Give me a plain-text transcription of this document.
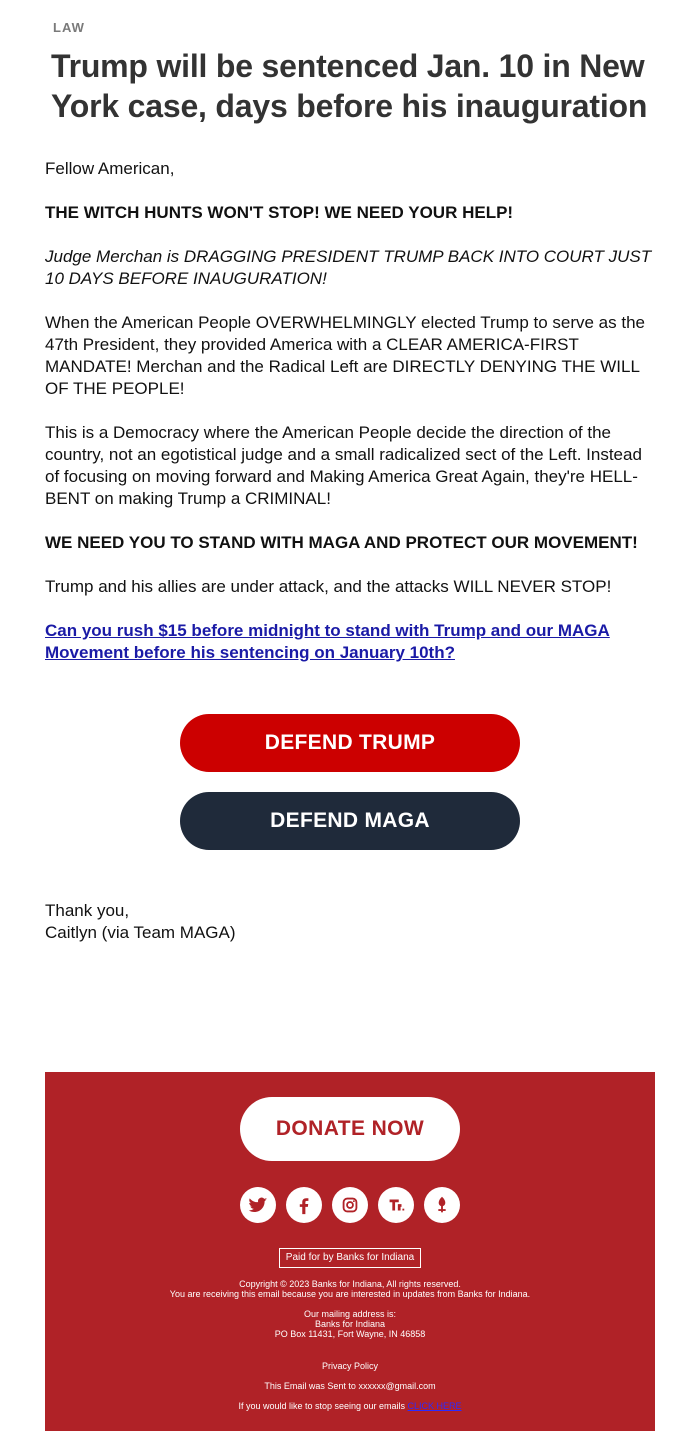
LAW
Trump will be sentenced Jan. 10 in New York case, days before his inauguration

Fellow American,

THE WITCH HUNTS WON'T STOP! WE NEED YOUR HELP!

Judge Merchan is DRAGGING PRESIDENT TRUMP BACK INTO COURT JUST 10 DAYS BEFORE INAUGURATION!

When the American People OVERWHELMINGLY elected Trump to serve as the 47th President, they provided America with a CLEAR AMERICA-FIRST MANDATE! Merchan and the Radical Left are DIRECTLY DENYING THE WILL OF THE PEOPLE!

This is a Democracy where the American People decide the direction of the country, not an egotistical judge and a small radicalized sect of the Left. Instead of focusing on moving forward and Making America Great Again, they're HELL-BENT on making Trump a CRIMINAL!

WE NEED YOU TO STAND WITH MAGA AND PROTECT OUR MOVEMENT!

Trump and his allies are under attack, and the attacks WILL NEVER STOP!

Can you rush $15 before midnight to stand with Trump and our MAGA Movement before his sentencing on January 10th?

DEFEND TRUMP
DEFEND MAGA
Thank you,
Caitlyn (via Team MAGA)
DONATE NOW
Paid for by Banks for Indiana
Copyright © 2023 Banks for Indiana, All rights reserved.
You are receiving this email because you are interested in updates from Banks for Indiana.
Our mailing address is:
Banks for Indiana
PO Box 11431, Fort Wayne, IN 46858
Privacy Policy
This Email was Sent to xxxxxx@gmail.com
If you would like to stop seeing our emails CLICK HERE
